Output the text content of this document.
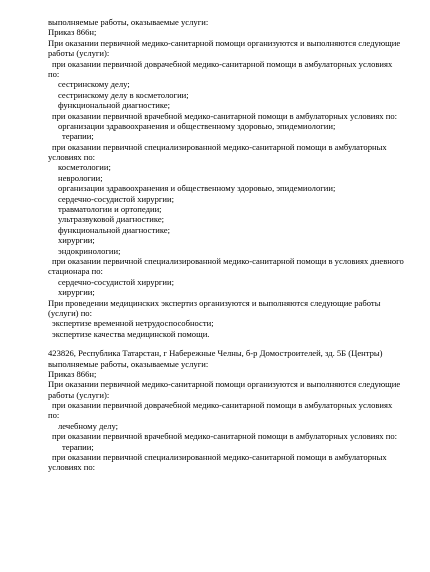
выполняемые работы, оказываемые услуги:
Приказ 866н;
При оказании первичной медико-санитарной помощи организуются и выполняются следующие
работы (услуги):
при оказании первичной доврачебной медико-санитарной помощи в амбулаторных условиях
по:
сестринскому делу;
сестринскому делу в косметологии;
функциональной диагностике;
при оказании первичной врачебной медико-санитарной помощи в амбулаторных условиях по:
организации здравоохранения и общественному здоровью, эпидемиологии;
терапии;
при оказании первичной специализированной медико-санитарной помощи в амбулаторных
условиях по:
косметологии;
неврологии;
организации здравоохранения и общественному здоровью, эпидемиологии;
сердечно-сосудистой хирургии;
травматологии и ортопедии;
ультразвуковой диагностике;
функциональной диагностике;
хирургии;
эндокринологии;
при оказании первичной специализированной медико-санитарной помощи в условиях дневного
стационара по:
сердечно-сосудистой хирургии;
хирургии;
При проведении медицинских экспертиз организуются и выполняются следующие работы
(услуги) по:
экспертизе временной нетрудоспособности;
экспертизе качества медицинской помощи.
423826, Республика Татарстан, г Набережные Челны, б-р Домостроителей, зд. 5Б (Центры)
выполняемые работы, оказываемые услуги:
Приказ 866н;
При оказании первичной медико-санитарной помощи организуются и выполняются следующие
работы (услуги):
при оказании первичной доврачебной медико-санитарной помощи в амбулаторных условиях
по:
лечебному делу;
при оказании первичной врачебной медико-санитарной помощи в амбулаторных условиях по:
терапии;
при оказании первичной специализированной медико-санитарной помощи в амбулаторных
условиях по:
